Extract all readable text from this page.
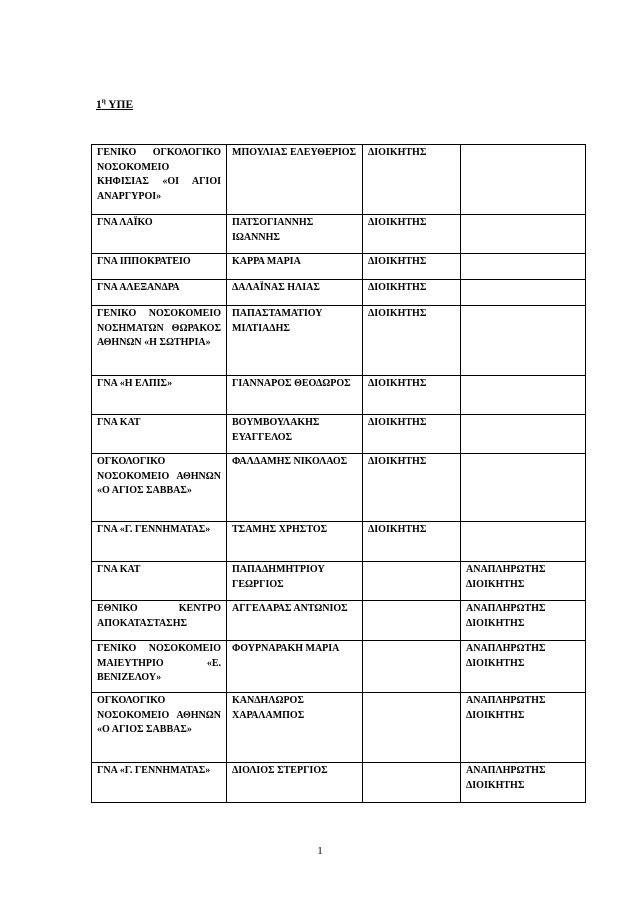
$1^\eta$ ΥΠΕ
ΓΕΝΙΚΟ ΟΓΚΟΛΟΓΙΚΟ ΝΟΣΟΚΟΜΕΙΟ ΚΗΦΙΣΙΑΣ «ΟΙ ΑΓΙΟΙ ΑΝΑΡΓΥΡΟΙ»	ΜΠΟΥΛΙΑΣ ΕΛΕΥΘΕΡΙΟΣ	ΔΙΟΙΚΗΤΗΣ	
ΓΝΑ ΛΑΪΚΟ	ΠΑΤΣΟΓΙΑΝΝΗΣ ΙΩΑΝΝΗΣ	ΔΙΟΙΚΗΤΗΣ	
ΓΝΑ ΙΠΠΟΚΡΑΤΕΙΟ	ΚΑΡΡΑ ΜΑΡΙΑ	ΔΙΟΙΚΗΤΗΣ	
ΓΝΑ ΑΛΕΞΑΝΔΡΑ	ΔΑΛΑΪΝΑΣ ΗΛΙΑΣ	ΔΙΟΙΚΗΤΗΣ	
ΓΕΝΙΚΟ ΝΟΣΟΚΟΜΕΙΟ ΝΟΣΗΜΑΤΩΝ ΘΩΡΑΚΟΣ ΑΘΗΝΩΝ «Η ΣΩΤΗΡΙΑ»	ΠΑΠΑΣΤΑΜΑΤΙΟΥ ΜΙΛΤΙΑΔΗΣ	ΔΙΟΙΚΗΤΗΣ	
ΓΝΑ «Η ΕΛΠΙΣ»	ΓΙΑΝΝΑΡΟΣ ΘΕΟΔΩΡΟΣ	ΔΙΟΙΚΗΤΗΣ	
ΓΝΑ ΚΑΤ	ΒΟΥΜΒΟΥΛΑΚΗΣ ΕΥΑΓΓΕΛΟΣ	ΔΙΟΙΚΗΤΗΣ	
ΟΓΚΟΛΟΓΙΚΟ ΝΟΣΟΚΟΜΕΙΟ ΑΘΗΝΩΝ «Ο ΑΓΙΟΣ ΣΑΒΒΑΣ»	ΦΑΛΔΑΜΗΣ ΝΙΚΟΛΑΟΣ	ΔΙΟΙΚΗΤΗΣ	
ΓΝΑ «Γ. ΓΕΝΝΗΜΑΤΑΣ»	ΤΣΑΜΗΣ ΧΡΗΣΤΟΣ	ΔΙΟΙΚΗΤΗΣ	
ΓΝΑ ΚΑΤ	ΠΑΠΑΔΗΜΗΤΡΙΟΥ ΓΕΩΡΓΙΟΣ		ΑΝΑΠΛΗΡΩΤΗΣ ΔΙΟΙΚΗΤΗΣ
ΕΘΝΙΚΟ ΚΕΝΤΡΟ ΑΠΟΚΑΤΑΣΤΑΣΗΣ	ΑΓΓΕΛΑΡΑΣ ΑΝΤΩΝΙΟΣ		ΑΝΑΠΛΗΡΩΤΗΣ ΔΙΟΙΚΗΤΗΣ
ΓΕΝΙΚΟ ΝΟΣΟΚΟΜΕΙΟ ΜΑΙΕΥΤΗΡΙΟ «Ε. ΒΕΝΙΖΕΛΟΥ»	ΦΟΥΡΝΑΡΑΚΗ ΜΑΡΙΑ		ΑΝΑΠΛΗΡΩΤΗΣ ΔΙΟΙΚΗΤΗΣ
ΟΓΚΟΛΟΓΙΚΟ ΝΟΣΟΚΟΜΕΙΟ ΑΘΗΝΩΝ «Ο ΑΓΙΟΣ ΣΑΒΒΑΣ»	ΚΑΝΔΗΛΩΡΟΣ ΧΑΡΑΛΑΜΠΟΣ		ΑΝΑΠΛΗΡΩΤΗΣ ΔΙΟΙΚΗΤΗΣ
ΓΝΑ «Γ. ΓΕΝΝΗΜΑΤΑΣ»	ΔΙΟΛΙΟΣ ΣΤΕΡΓΙΟΣ		ΑΝΑΠΛΗΡΩΤΗΣ ΔΙΟΙΚΗΤΗΣ
1
